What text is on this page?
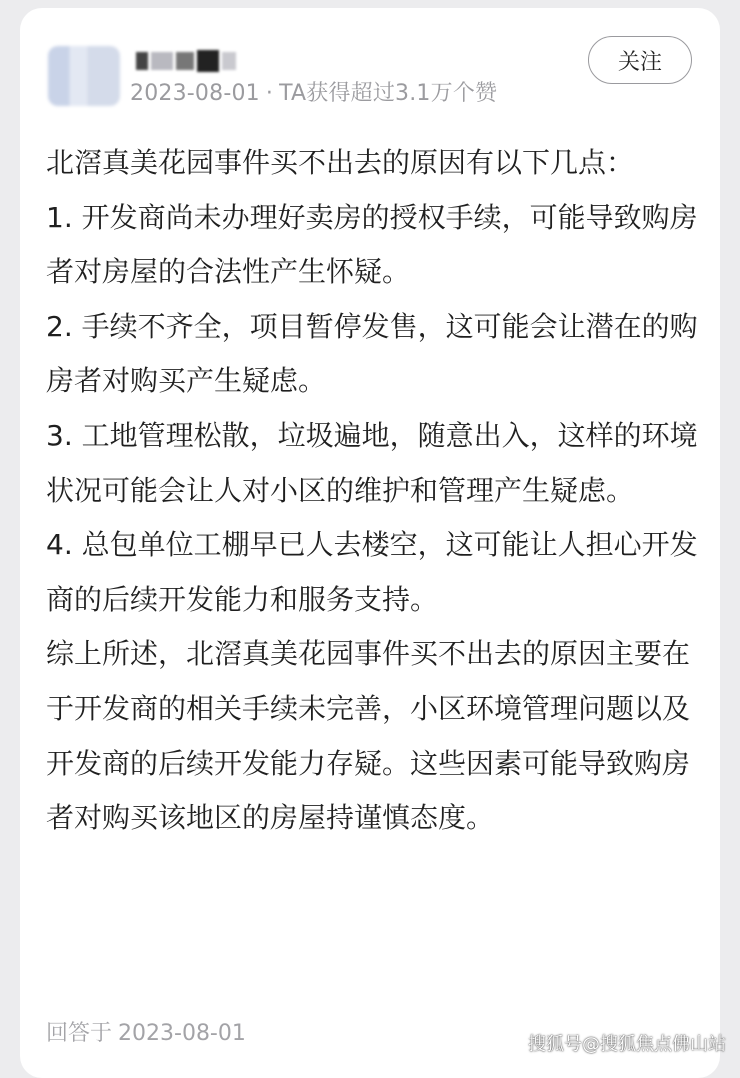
2023-08-01 · TA获得超过3.1万个赞
关注

北滘真美花园事件买不出去的原因有以下几点：

1. 开发商尚未办理好卖房的授权手续，可能导致购房者对房屋的合法性产生怀疑。

2. 手续不齐全，项目暂停发售，这可能会让潜在的购房者对购买产生疑虑。

3. 工地管理松散，垃圾遍地，随意出入，这样的环境状况可能会让人对小区的维护和管理产生疑虑。

4. 总包单位工棚早已人去楼空，这可能让人担心开发商的后续开发能力和服务支持。

综上所述，北滘真美花园事件买不出去的原因主要在于开发商的相关手续未完善，小区环境管理问题以及开发商的后续开发能力存疑。这些因素可能导致购房者对购买该地区的房屋持谨慎态度。

回答于 2023-08-01	搜狐号@搜狐焦点佛山站
